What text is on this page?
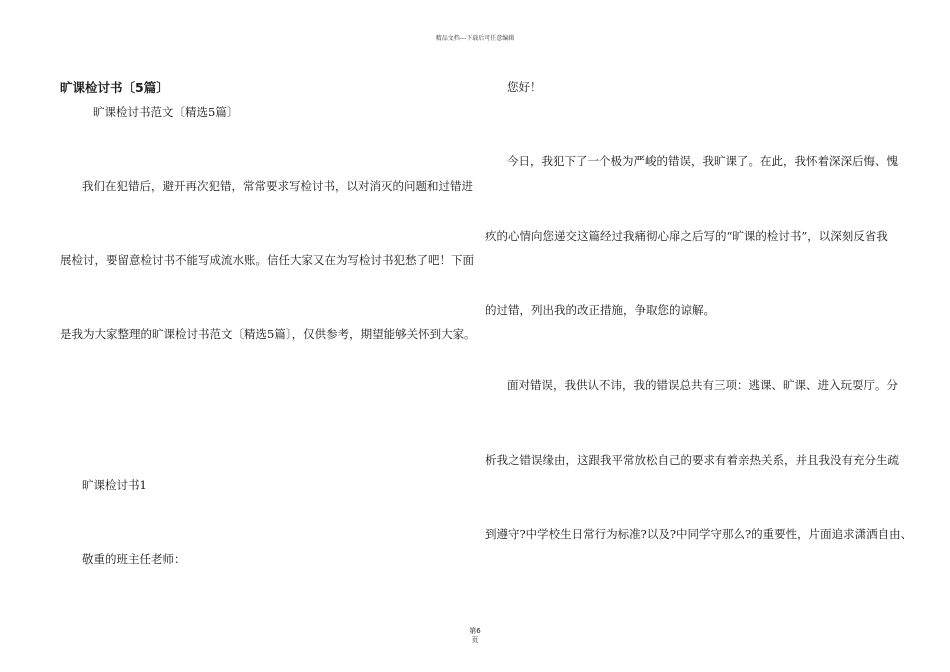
精品文档---下载后可任意编辑
旷课检讨书〔5篇〕
旷课检讨书范文〔精选5篇〕
我们在犯错后，避开再次犯错，常常要求写检讨书，以对消灭的问题和过错进
展检讨，要留意检讨书不能写成流水账。信任大家又在为写检讨书犯愁了吧！下面
是我为大家整理的旷课检讨书范文〔精选5篇〕，仅供参考，期望能够关怀到大家。
旷课检讨书1
敬重的班主任老师：
您好！
今日，我犯下了一个极为严峻的错误，我旷课了。在此，我怀着深深后悔、愧
疚的心情向您递交这篇经过我痛彻心扉之后写的“旷课的检讨书”，以深刻反省我
的过错，列出我的改正措施，争取您的谅解。
面对错误，我供认不讳，我的错误总共有三项：逃课、旷课、进入玩耍厅。分
析我之错误缘由，这跟我平常放松自己的要求有着亲热关系，并且我没有充分生疏
到遵守?中学校生日常行为标准?以及?中同学守那么?的重要性，片面追求潇洒自由、
第6
页
